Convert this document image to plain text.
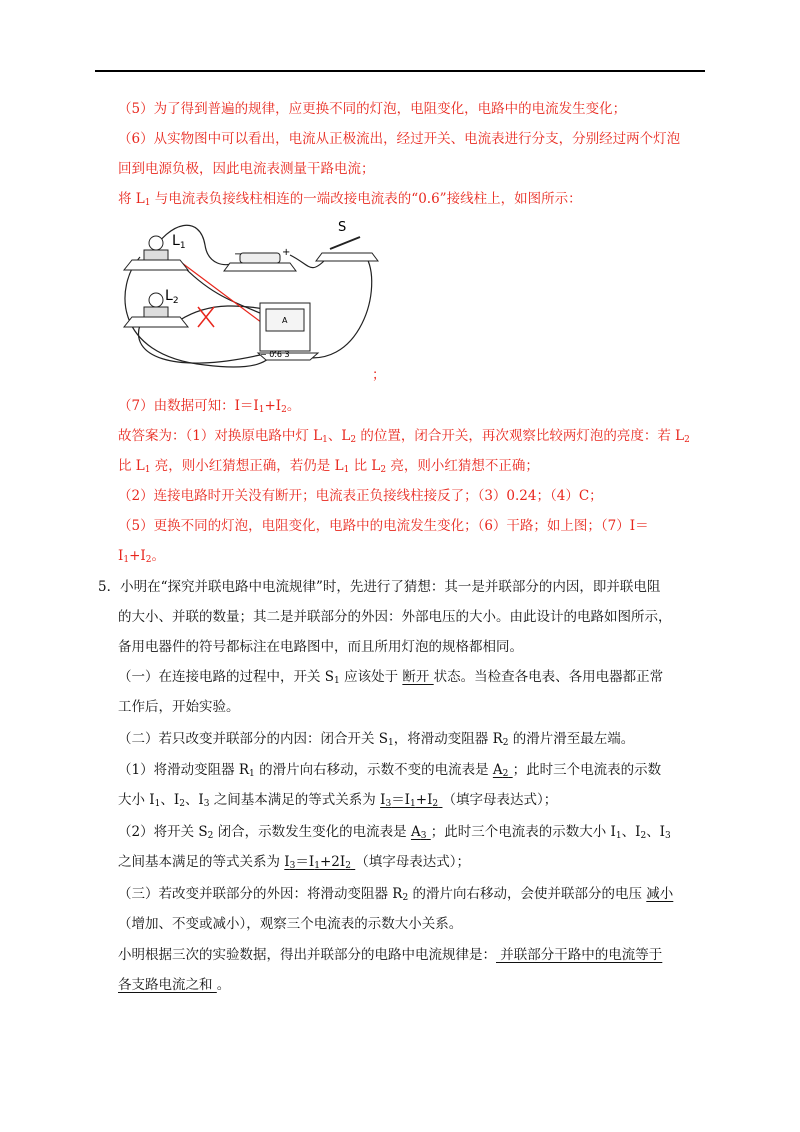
（5）为了得到普遍的规律，应更换不同的灯泡，电阻变化，电路中的电流发生变化；
（6）从实物图中可以看出，电流从正极流出，经过开关、电流表进行分支，分别经过两个灯泡
回到电源负极，因此电流表测量干路电流；
将 $L_1$ 与电流表负接线柱相连的一端改接电流表的“0.6”接线柱上，如图所示：
$L_1$
$L_2$
−	+
S
A
− 0.6 3
；
（7）由数据可知：$I=I_1+I_2$。
故答案为：（1）对换原电路中灯 $L_1$、$L_2$ 的位置，闭合开关，再次观察比较两灯泡的亮度：若 $L_2$
比 $L_1$ 亮，则小红猜想正确，若仍是 $L_1$ 比 $L_2$ 亮，则小红猜想不正确；
（2）连接电路时开关没有断开；电流表正负接线柱接反了；（3）0.24；（4）C；
（5）更换不同的灯泡，电阻变化，电路中的电流发生变化；（6）干路；如上图；（7）I＝
$I_1+I_2$。
5．小明在“探究并联电路中电流规律”时，先进行了猜想：其一是并联部分的内因，即并联电阻
的大小、并联的数量；其二是并联部分的外因：外部电压的大小。由此设计的电路如图所示，
备用电器件的符号都标注在电路图中，而且所用灯泡的规格都相同。
（一）在连接电路的过程中，开关 $S_1$ 应该处于 断开 状态。当检查各电表、各用电器都正常
工作后，开始实验。
（二）若只改变并联部分的内因：闭合开关 $S_1$，将滑动变阻器 $R_2$ 的滑片滑至最左端。
（1）将滑动变阻器 $R_1$ 的滑片向右移动，示数不变的电流表是 $A_2$ ；此时三个电流表的示数
大小 $I_1$、$I_2$、$I_3$ 之间基本满足的等式关系为 $I_3=I_1+I_2$ （填字母表达式）；
（2）将开关 $S_2$ 闭合，示数发生变化的电流表是 $A_3$ ；此时三个电流表的示数大小 $I_1$、$I_2$、$I_3$
之间基本满足的等式关系为 $I_3=I_1+2I_2$ （填字母表达式）；
（三）若改变并联部分的外因：将滑动变阻器 $R_2$ 的滑片向右移动，会使并联部分的电压 减小
（增加、不变或减小），观察三个电流表的示数大小关系。
小明根据三次的实验数据，得出并联部分的电路中电流规律是： 并联部分干路中的电流等于
各支路电流之和 。
